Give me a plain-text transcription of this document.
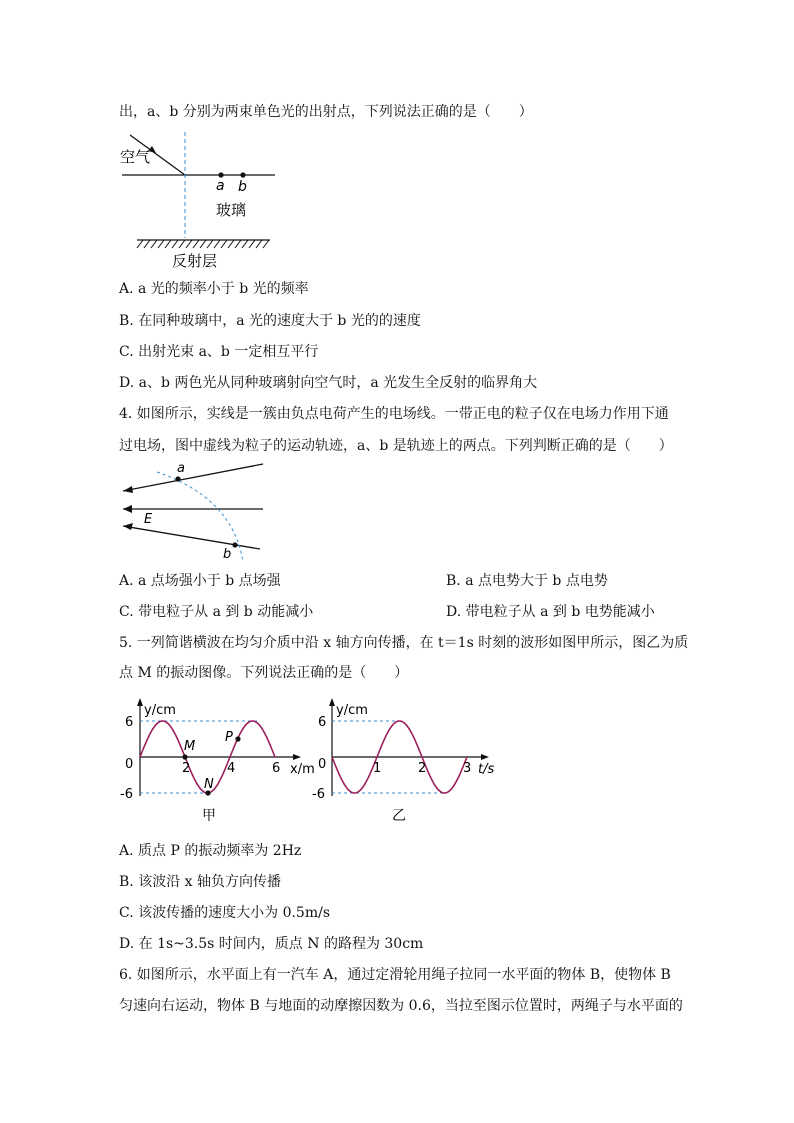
出，a、b 分别为两束单色光的出射点，下列说法正确的是（　　）
空气
a b
玻璃
反射层
A. a 光的频率小于 b 光的频率
B. 在同种玻璃中，a 光的速度大于 b 光的的速度
C. 出射光束 a、b 一定相互平行
D. a、b 两色光从同种玻璃射向空气时，a 光发生全反射的临界角大
4. 如图所示，实线是一簇由负点电荷产生的电场线。一带正电的粒子仅在电场力作用下通
过电场，图中虚线为粒子的运动轨迹，a、b 是轨迹上的两点。下列判断正确的是（　　）
a
b
E
A. a 点场强小于 b 点场强	B. a 点电势大于 b 点电势
C. 带电粒子从 a 到 b 动能减小	D. 带电粒子从 a 到 b 电势能减小
5. 一列简谐横波在均匀介质中沿 x 轴方向传播，在 t＝1s 时刻的波形如图甲所示，图乙为质
点 M 的振动图像。下列说法正确的是（　　）
y/cm
x/m
6
0
-6
2	4	6
M
P
N
甲
y/cm
t/s
6
0
-6
1	2	3
乙
A. 质点 P 的振动频率为 2Hz
B. 该波沿 x 轴负方向传播
C. 该波传播的速度大小为 0.5m/s
D. 在 1s~3.5s 时间内，质点 N 的路程为 30cm
6. 如图所示，水平面上有一汽车 A，通过定滑轮用绳子拉同一水平面的物体 B，使物体 B
匀速向右运动，物体 B 与地面的动摩擦因数为 0.6，当拉至图示位置时，两绳子与水平面的
